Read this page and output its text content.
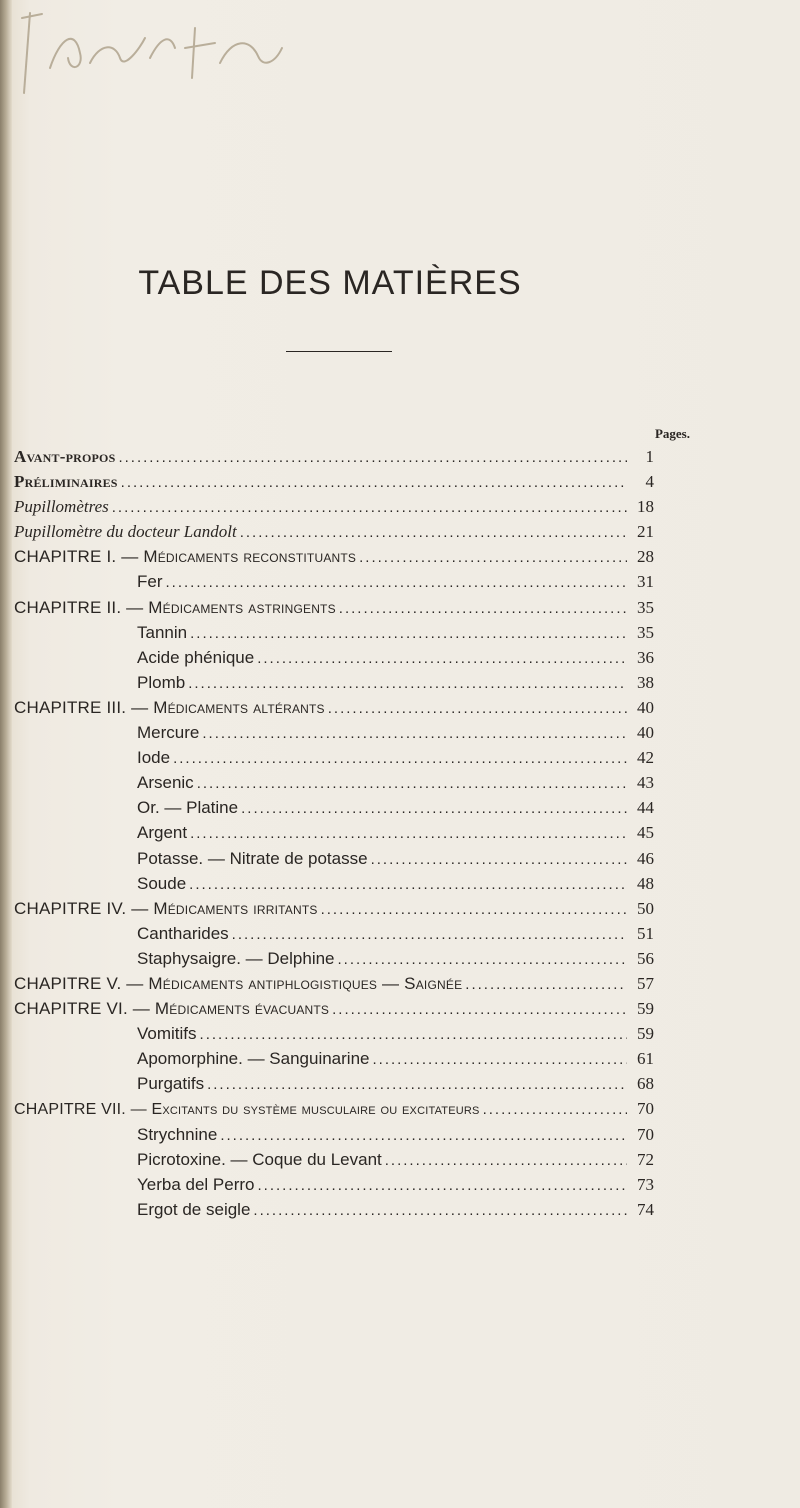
TABLE DES MATIÈRES
Pages.
Avant-propos .....	1
Préliminaires .....	4
Pupillomètres .....	18
Pupillomètre du docteur Landolt .....	21
CHAPITRE I. — Médicaments reconstituants .....	28
Fer .....	31
CHAPITRE II. — Médicaments astringents .....	35
Tannin .....	35
Acide phénique .....	36
Plomb .....	38
CHAPITRE III. — Médicaments altérants .....	40
Mercure .....	40
Iode .....	42
Arsenic .....	43
Or. — Platine .....	44
Argent .....	45
Potasse. — Nitrate de potasse .....	46
Soude .....	48
CHAPITRE IV. — Médicaments irritants .....	50
Cantharides .....	51
Staphysaigre. — Delphine .....	56
CHAPITRE V. — Médicaments antiphlogistiques — Saignée .....	57
CHAPITRE VI. — Médicaments évacuants .....	59
Vomitifs .....	59
Apomorphine. — Sanguinarine .....	61
Purgatifs .....	68
CHAPITRE VII. — Excitants du système musculaire ou excitateurs .....	70
Strychnine .....	70
Picrotoxine. — Coque du Levant .....	72
Yerba del Perro .....	73
Ergot de seigle .....	74
